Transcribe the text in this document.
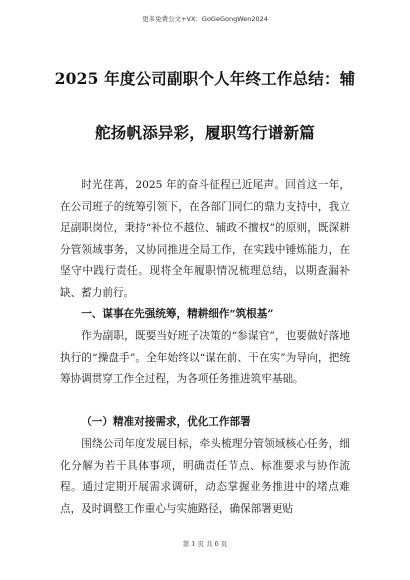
更多免费公文+VX：GoGeGongWen2024
2025 年度公司副职个人年终工作总结：辅
舵扬帆添异彩，履职笃行谱新篇
时光荏苒，2025 年的奋斗征程已近尾声。回首这一年，在公司班子的统筹引领下，在各部门同仁的鼎力支持中，我立足副职岗位，秉持“补位不越位、辅政不擅权”的原则，既深耕分管领域事务，又协同推进全局工作，在实践中锤炼能力，在坚守中践行责任。现将全年履职情况梳理总结，以期查漏补缺、蓄力前行。
一、谋事在先强统筹，精耕细作“筑根基”
作为副职，既要当好班子决策的“参谋官”，也要做好落地执行的“操盘手”。全年始终以“谋在前、干在实”为导向，把统筹协调贯穿工作全过程，为各项任务推进筑牢基础。
（一）精准对接需求，优化工作部署
围绕公司年度发展目标，牵头梳理分管领域核心任务，细化分解为若干具体事项，明确责任节点、标准要求与协作流程。通过定期开展需求调研，动态掌握业务推进中的堵点难点，及时调整工作重心与实施路径，确保部署更贴
第 1 页 共 6 页
